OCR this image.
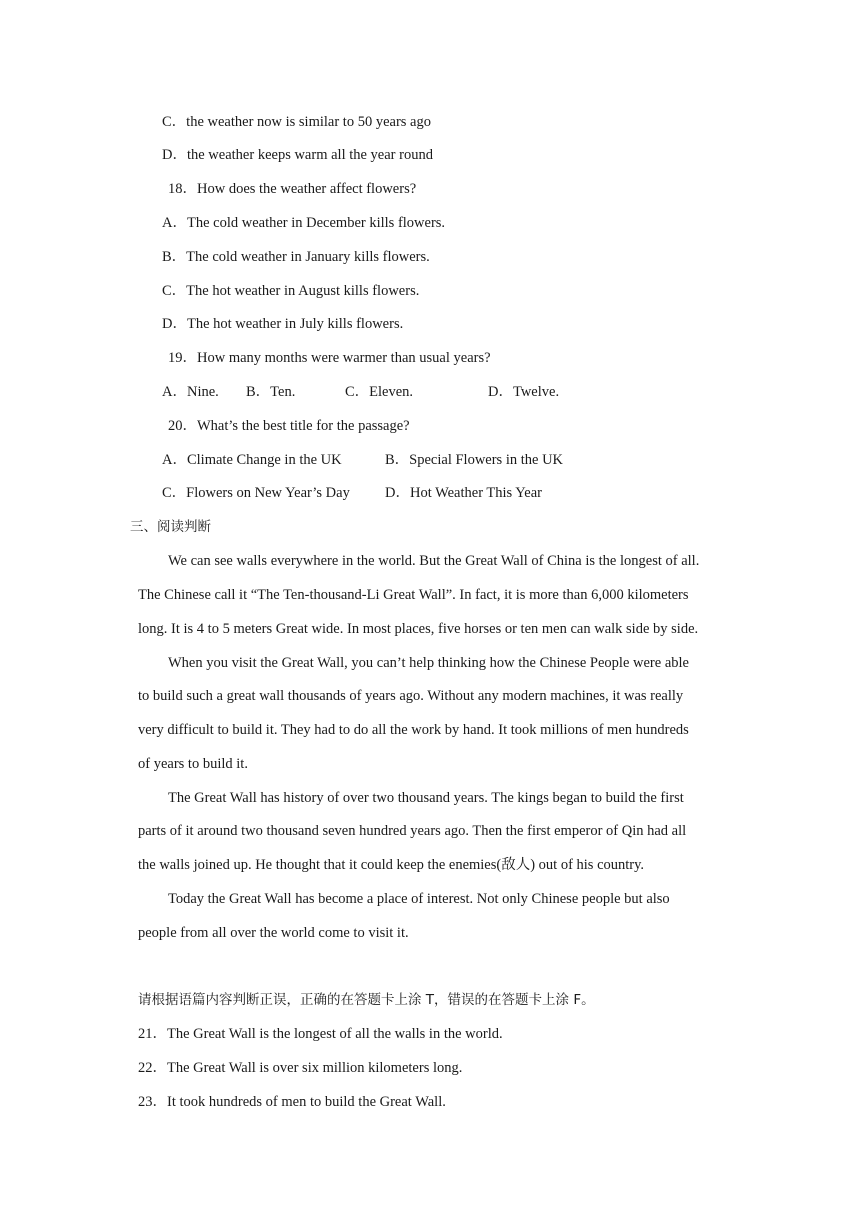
C．the weather now is similar to 50 years ago
D．the weather keeps warm all the year round
18．How does the weather affect flowers?
A．The cold weather in December kills flowers.
B．The cold weather in January kills flowers.
C．The hot weather in August kills flowers.
D．The hot weather in July kills flowers.
19．How many months were warmer than usual years?
A．Nine. B．Ten.	C．Eleven.	D．Twelve.
20．What’s the best title for the passage?
A．Climate Change in the UK	B．Special Flowers in the UK
C．Flowers on New Year’s Day D．Hot Weather This Year
三、阅读判断
We can see walls everywhere in the world. But the Great Wall of China is the longest of all.
The Chinese call it “The Ten-thousand-Li Great Wall”. In fact, it is more than 6,000 kilometers
long. It is 4 to 5 meters Great wide. In most places, five horses or ten men can walk side by side.
When you visit the Great Wall, you can’t help thinking how the Chinese People were able
to build such a great wall thousands of years ago. Without any modern machines, it was really
very difficult to build it. They had to do all the work by hand. It took millions of men hundreds
of years to build it.
The Great Wall has history of over two thousand years. The kings began to build the first
parts of it around two thousand seven hundred years ago. Then the first emperor of Qin had all
the walls joined up. He thought that it could keep the enemies(敌人) out of his country.
Today the Great Wall has become a place of interest. Not only Chinese people but also
people from all over the world come to visit it.
请根据语篇内容判断正误，正确的在答题卡上涂 T，错误的在答题卡上涂 F。
21．The Great Wall is the longest of all the walls in the world.
22．The Great Wall is over six million kilometers long.
23．It took hundreds of men to build the Great Wall.
